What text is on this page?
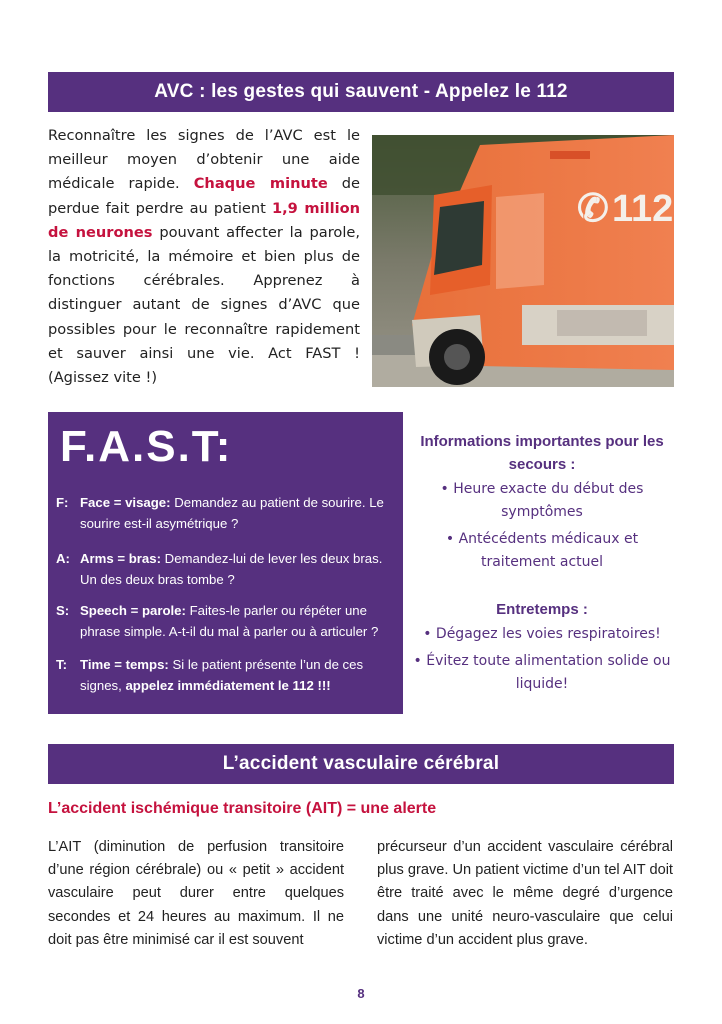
AVC : les gestes qui sauvent - Appelez le 112
Reconnaître les signes de l’AVC est le meilleur moyen d’obtenir une aide médicale rapide. Chaque minute de perdue fait perdre au patient 1,9 million de neurones pouvant affecter la parole, la motricité, la mémoire et bien plus de fonctions cérébrales. Apprenez à distinguer autant de signes d’AVC que possibles pour le reconnaître rapidement et sauver ainsi une vie. Act FAST ! (Agissez vite !)
✆ 112
F.A.S.T:
F: Face = visage: Demandez au patient de sourire. Le sourire est-il asymétrique ?
A: Arms = bras: Demandez-lui de lever les deux bras. Un des deux bras tombe ?
S: Speech = parole: Faites-le parler ou répéter une phrase simple. A-t-il du mal à parler ou à articuler ?
T: Time = temps: Si le patient présente l’un de ces signes, appelez immédiatement le 112 !!!
Informations importantes pour les secours :
• Heure exacte du début des symptômes
• Antécédents médicaux et traitement actuel
Entretemps :
• Dégagez les voies respiratoires!
• Évitez toute alimentation solide ou liquide!
L’accident vasculaire cérébral
L’accident ischémique transitoire (AIT) = une alerte
L’AIT (diminution de perfusion transitoire d’une région cérébrale) ou « petit » accident vasculaire peut durer entre quelques secondes et 24 heures au maximum. Il ne doit pas être minimisé car il est souvent
précurseur d’un accident vasculaire cérébral plus grave. Un patient victime d’un tel AIT doit être traité avec le même degré d’urgence dans une unité neuro-vasculaire que celui victime d’un accident plus grave.
8
